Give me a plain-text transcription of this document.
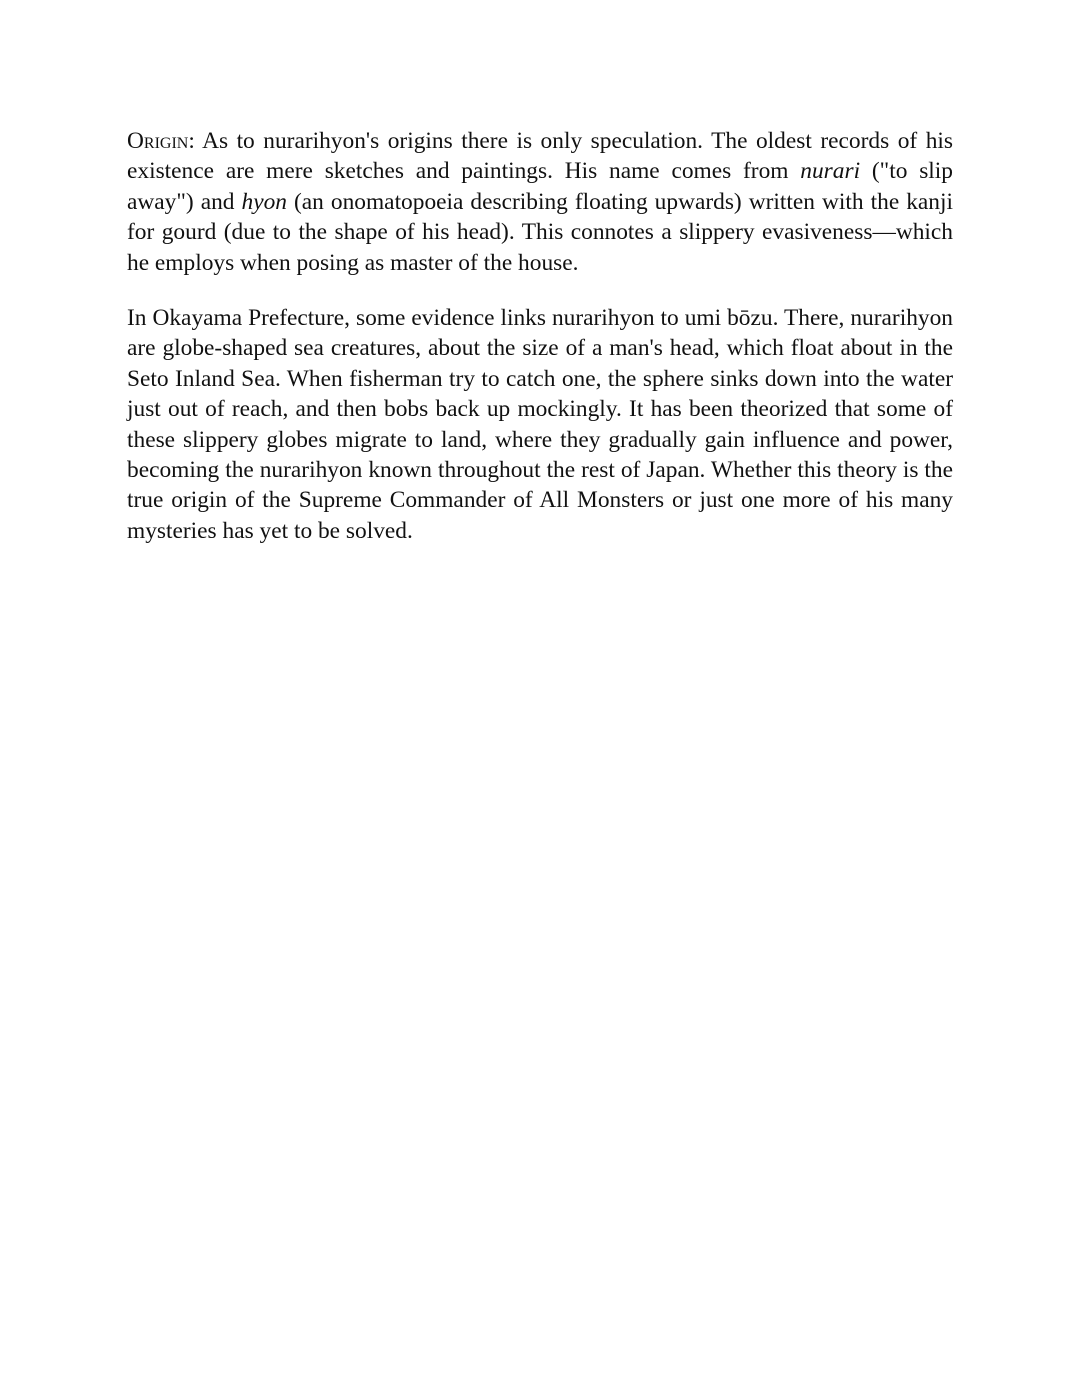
Origin: As to nurarihyon's origins there is only speculation. The oldest records of his existence are mere sketches and paintings. His name comes from nurari ("to slip away") and hyon (an onomatopoeia describing floating upwards) written with the kanji for gourd (due to the shape of his head). This connotes a slippery evasiveness—which he employs when posing as master of the house.

In Okayama Prefecture, some evidence links nurarihyon to umi bōzu. There, nurarihyon are globe-shaped sea creatures, about the size of a man's head, which float about in the Seto Inland Sea. When fisherman try to catch one, the sphere sinks down into the water just out of reach, and then bobs back up mockingly. It has been theorized that some of these slippery globes migrate to land, where they gradually gain influence and power, becoming the nurarihyon known throughout the rest of Japan. Whether this theory is the true origin of the Supreme Commander of All Monsters or just one more of his many mysteries has yet to be solved.
